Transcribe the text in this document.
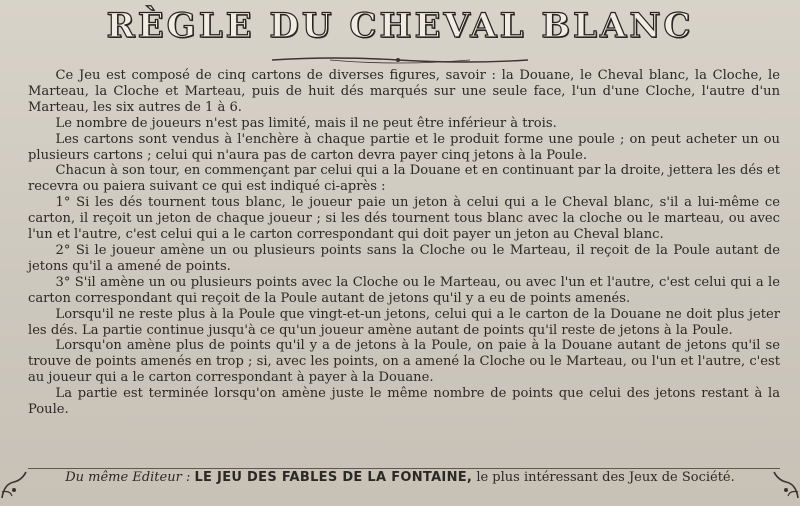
RÈGLE DU CHEVAL BLANC

Ce Jeu est composé de cinq cartons de diverses figures, savoir : la Douane, le Cheval blanc, la Cloche, le Marteau, la Cloche et Marteau, puis de huit dés marqués sur une seule face, l'un d'une Cloche, l'autre d'un Marteau, les six autres de 1 à 6.

Le nombre de joueurs n'est pas limité, mais il ne peut être inférieur à trois.

Les cartons sont vendus à l'enchère à chaque partie et le produit forme une poule ; on peut acheter un ou plusieurs cartons ; celui qui n'aura pas de carton devra payer cinq jetons à la Poule.

Chacun à son tour, en commençant par celui qui a la Douane et en continuant par la droite, jettera les dés et recevra ou paiera suivant ce qui est indiqué ci-après :

1° Si les dés tournent tous blanc, le joueur paie un jeton à celui qui a le Cheval blanc, s'il a lui-même ce carton, il reçoit un jeton de chaque joueur ; si les dés tournent tous blanc avec la cloche ou le marteau, ou avec l'un et l'autre, c'est celui qui a le carton correspondant qui doit payer un jeton au Cheval blanc.

2° Si le joueur amène un ou plusieurs points sans la Cloche ou le Marteau, il reçoit de la Poule autant de jetons qu'il a amené de points.

3° S'il amène un ou plusieurs points avec la Cloche ou le Marteau, ou avec l'un et l'autre, c'est celui qui a le carton correspondant qui reçoit de la Poule autant de jetons qu'il y a eu de points amenés.

Lorsqu'il ne reste plus à la Poule que vingt-et-un jetons, celui qui a le carton de la Douane ne doit plus jeter les dés. La partie continue jusqu'à ce qu'un joueur amène autant de points qu'il reste de jetons à la Poule.

Lorsqu'on amène plus de points qu'il y a de jetons à la Poule, on paie à la Douane autant de jetons qu'il se trouve de points amenés en trop ; si, avec les points, on a amené la Cloche ou le Marteau, ou l'un et l'autre, c'est au joueur qui a le carton correspondant à payer à la Douane.

La partie est terminée lorsqu'on amène juste le même nombre de points que celui des jetons restant à la Poule.

Du même Editeur : LE JEU DES FABLES DE LA FONTAINE, le plus intéressant des Jeux de Société.
